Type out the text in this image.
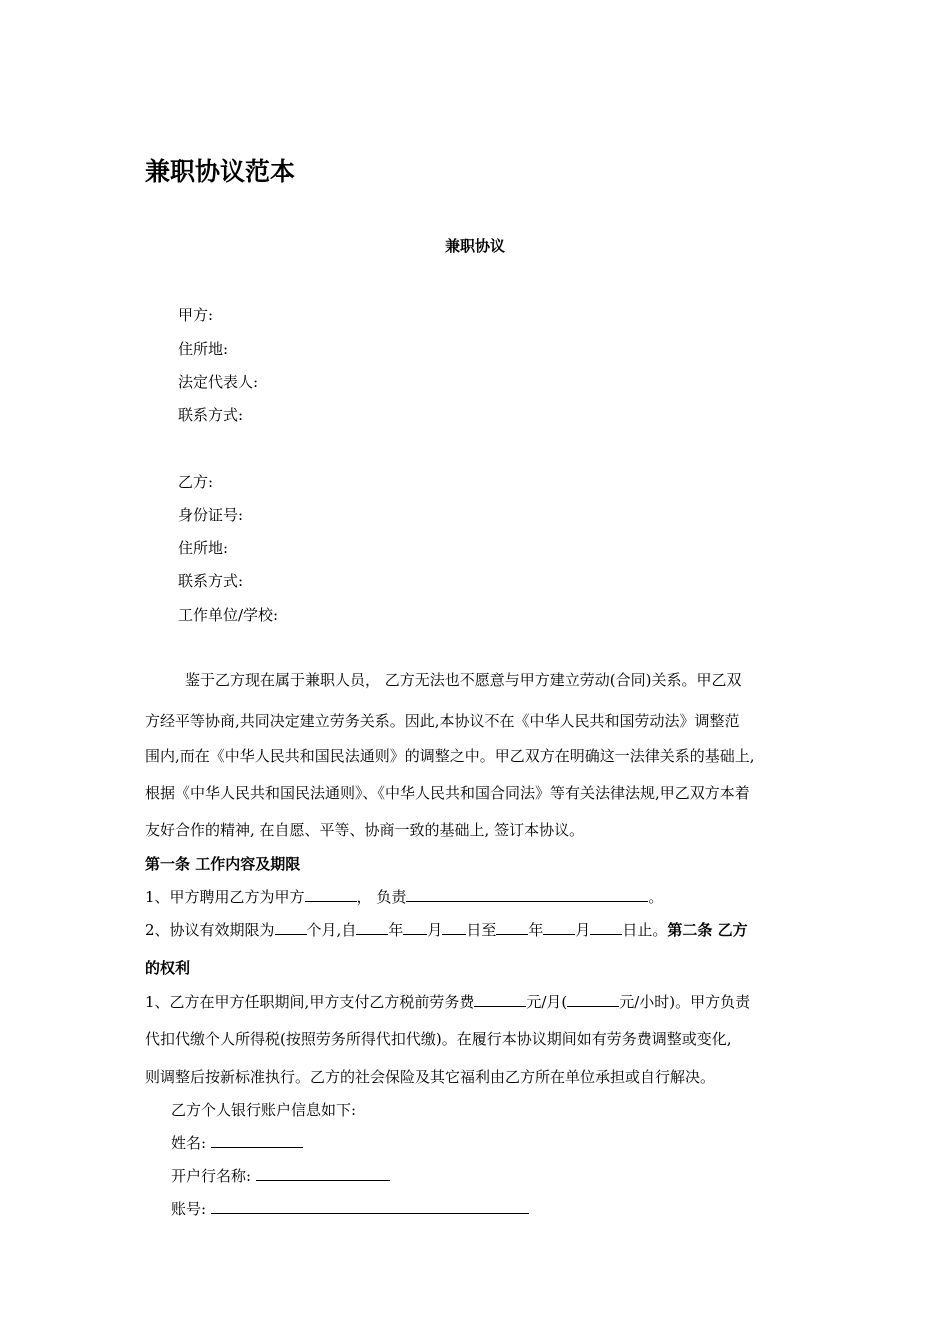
兼职协议范本
兼职协议
甲方:
住所地:
法定代表人:
联系方式:
乙方:
身份证号:
住所地:
联系方式:
工作单位/学校:
鉴于乙方现在属于兼职人员， 乙方无法也不愿意与甲方建立劳动(合同)关系。甲乙双
方经平等协商,共同决定建立劳务关系。因此,本协议不在《中华人民共和国劳动法》调整范
围内,而在《中华人民共和国民法通则》的调整之中。甲乙双方在明确这一法律关系的基础上,
根据《中华人民共和国民法通则》、《中华人民共和国合同法》等有关法律法规,甲乙双方本着
友好合作的精神, 在自愿、平等、协商一致的基础上, 签订本协议。
第一条 工作内容及期限
1、甲方聘用乙方为甲方	， 负责	。
2、协议有效期限为 个月,自 年 月 日至 年 月 日止。第二条 乙方
的权利
1、乙方在甲方任职期间,甲方支付乙方税前劳务费	元/月(	元/小时)。甲方负责
代扣代缴个人所得税(按照劳务所得代扣代缴)。在履行本协议期间如有劳务费调整或变化,
则调整后按新标准执行。乙方的社会保险及其它福利由乙方所在单位承担或自行解决。
乙方个人银行账户信息如下:
姓名:
开户行名称:
账号:
